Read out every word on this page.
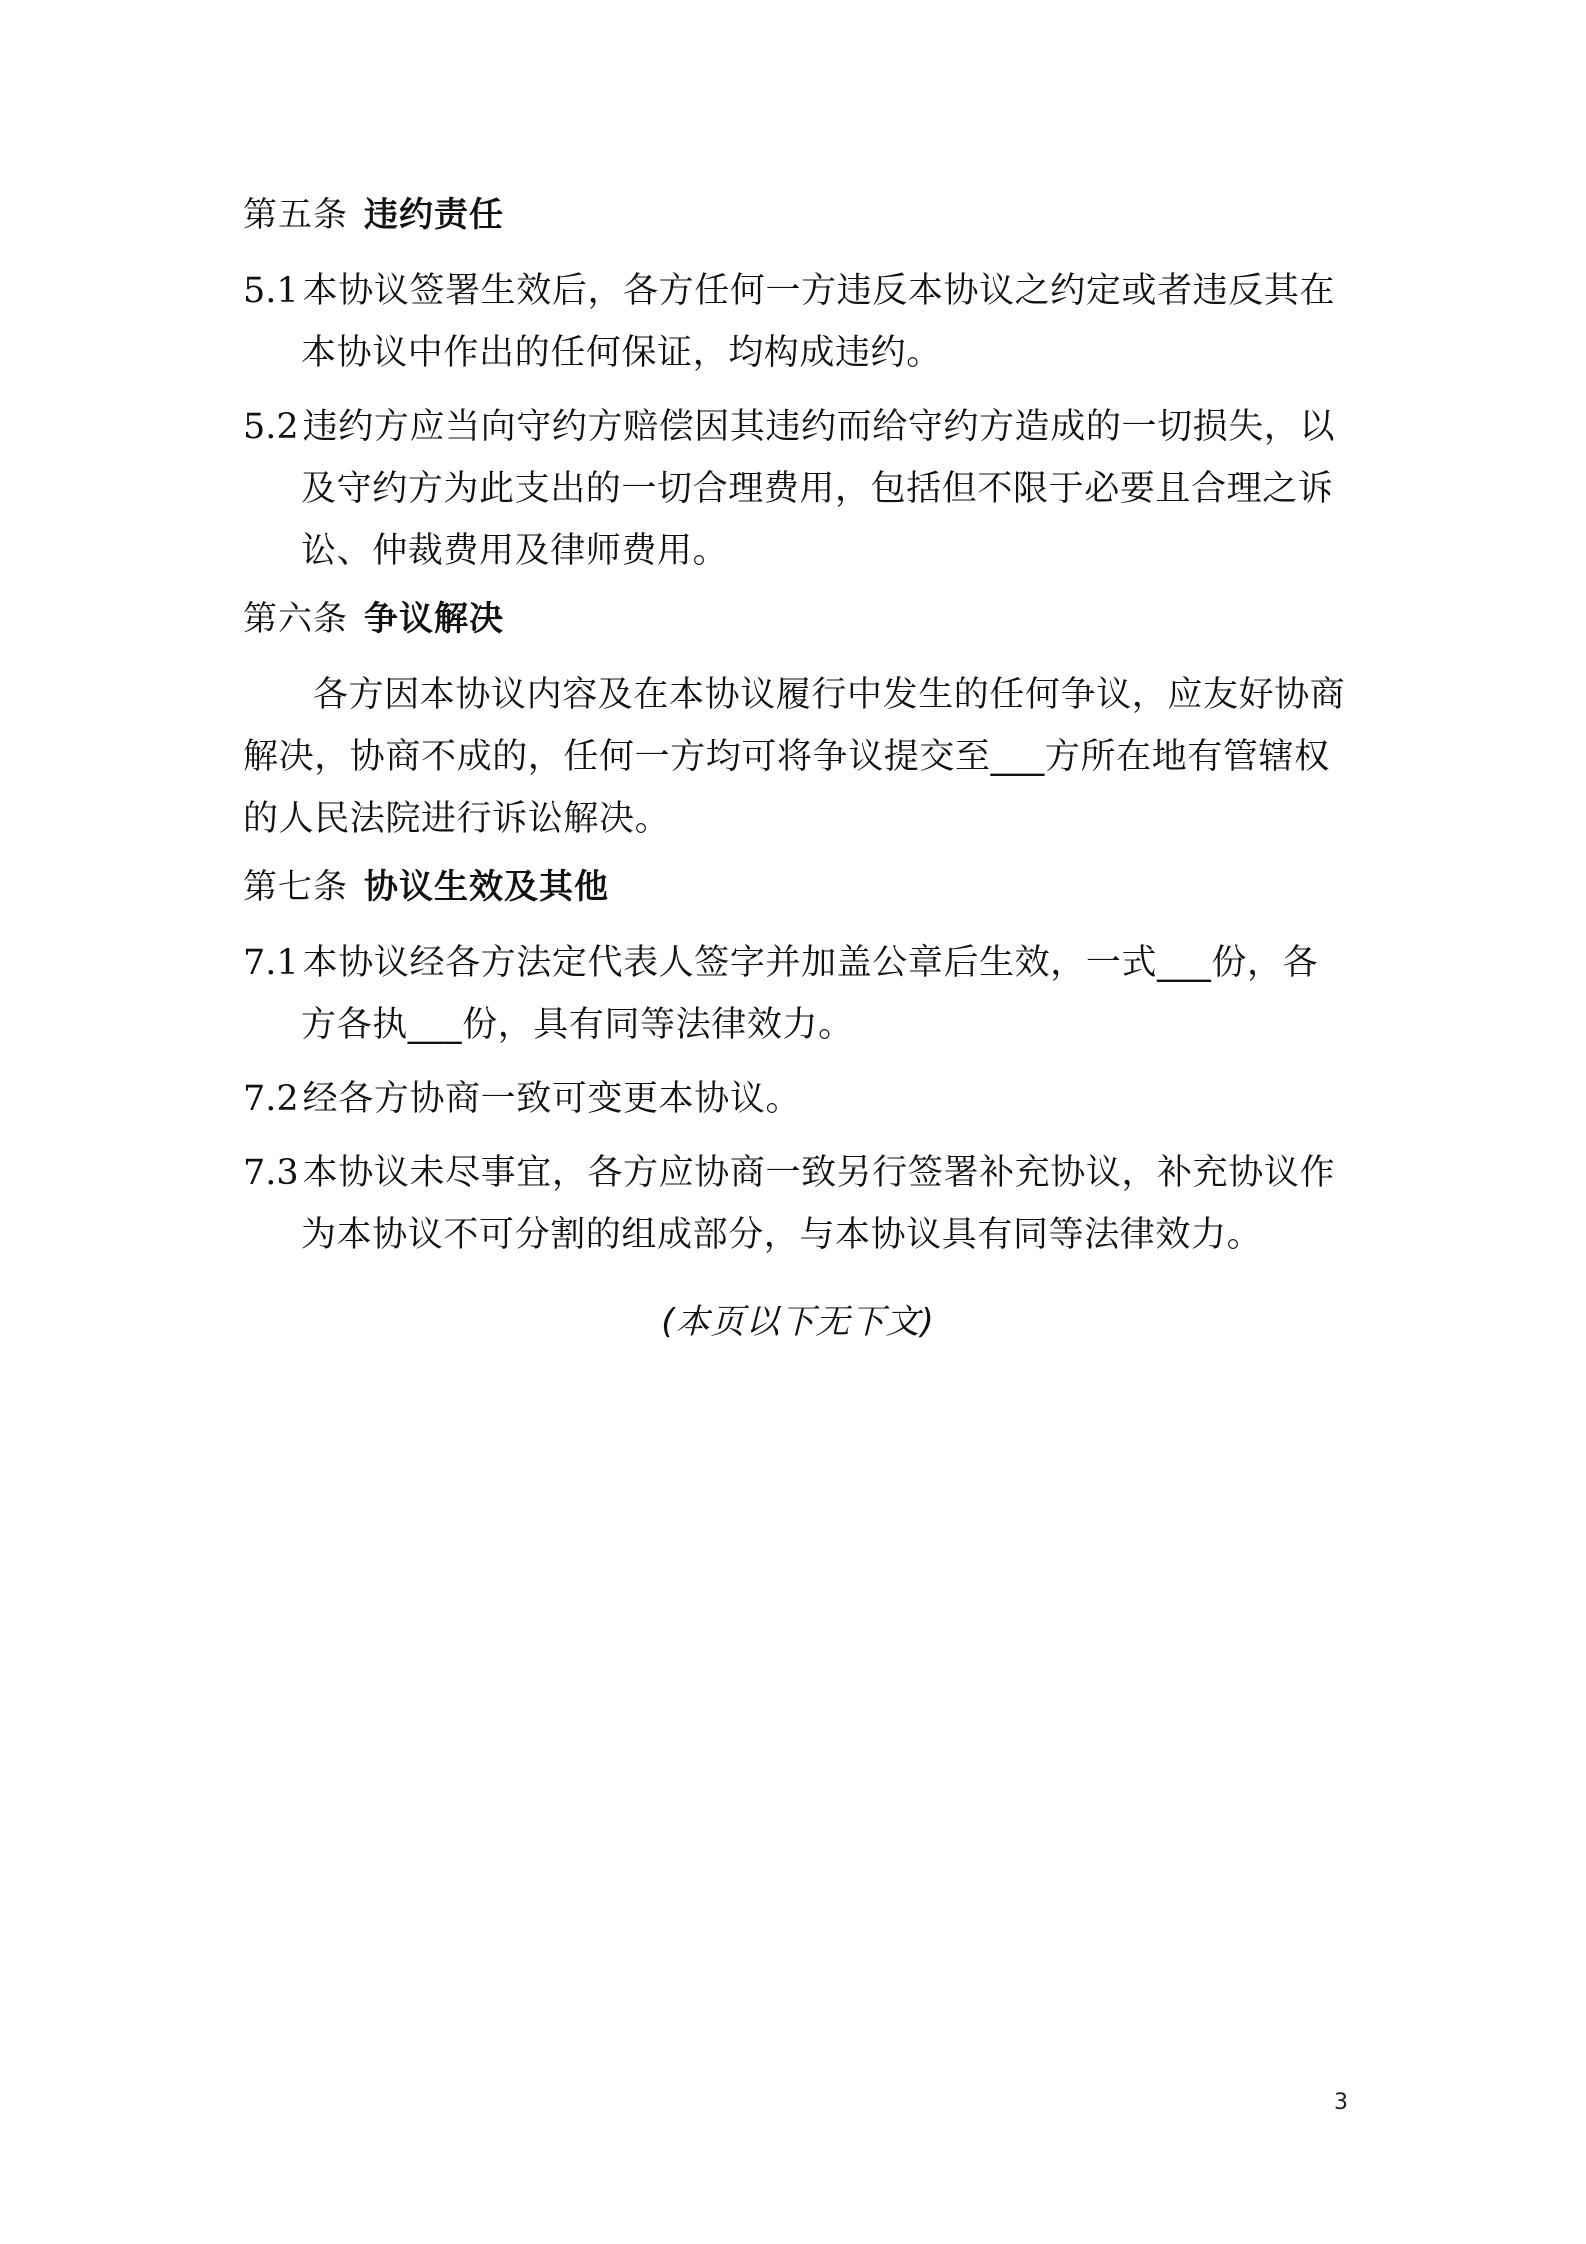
第五条 违约责任

5.1 本协议签署生效后，各方任何一方违反本协议之约定或者违反其在本协议中作出的任何保证，均构成违约。

5.2 违约方应当向守约方赔偿因其违约而给守约方造成的一切损失，以及守约方为此支出的一切合理费用，包括但不限于必要且合理之诉讼、仲裁费用及律师费用。

第六条 争议解决

各方因本协议内容及在本协议履行中发生的任何争议，应友好协商解决，协商不成的，任何一方均可将争议提交至___方所在地有管辖权的人民法院进行诉讼解决。

第七条 协议生效及其他

7.1 本协议经各方法定代表人签字并加盖公章后生效，一式___份，各方各执___份，具有同等法律效力。

7.2 经各方协商一致可变更本协议。

7.3 本协议未尽事宜，各方应协商一致另行签署补充协议，补充协议作为本协议不可分割的组成部分，与本协议具有同等法律效力。

(本页以下无下文)
3
